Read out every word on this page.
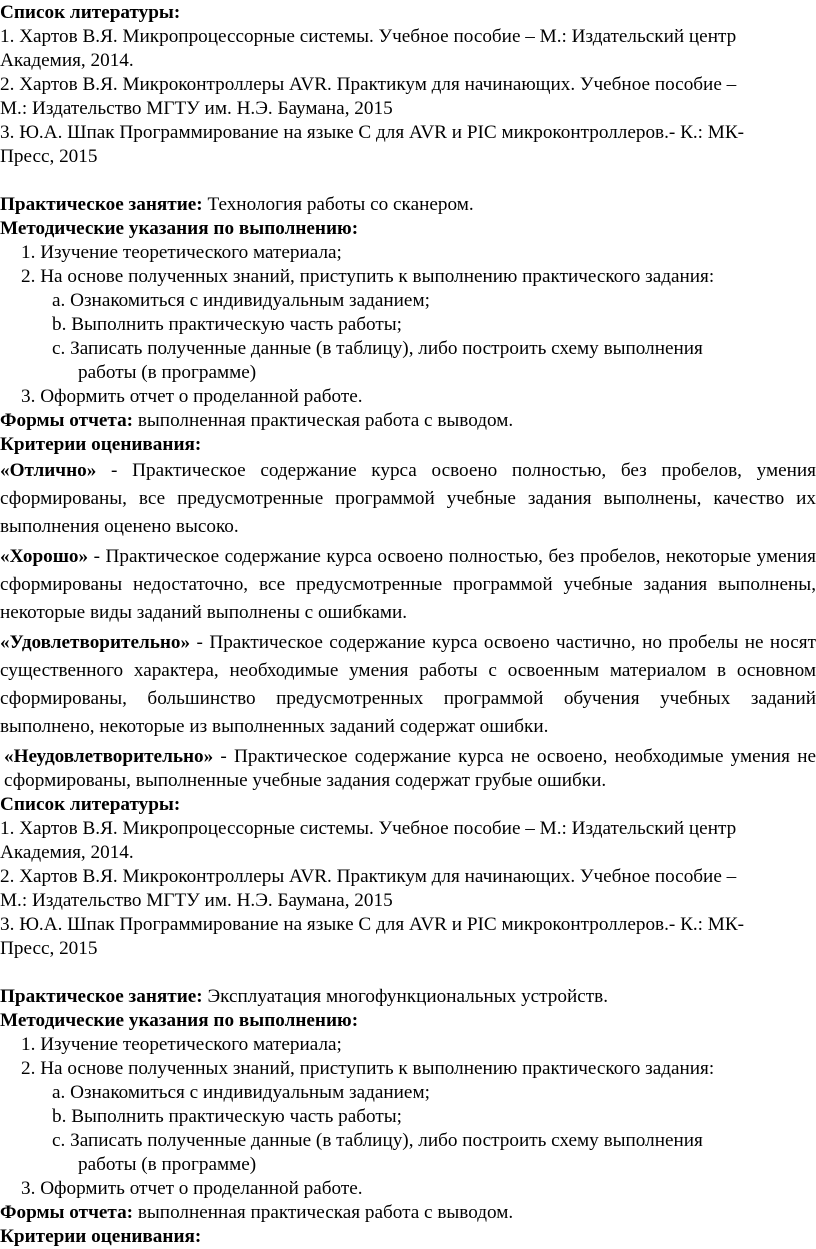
Список литературы:
1. Хартов В.Я. Микропроцессорные системы. Учебное пособие – М.: Издательский центр
Академия, 2014.
2. Хартов В.Я. Микроконтроллеры AVR. Практикум для начинающих. Учебное пособие –
М.: Издательство МГТУ им. Н.Э. Баумана, 2015
3. Ю.А. Шпак Программирование на языке С для AVR и PIC микроконтроллеров.- К.: МК-
Пресс, 2015
Практическое занятие: Технология работы со сканером.
Методические указания по выполнению:
1. Изучение теоретического материала;
2. На основе полученных знаний, приступить к выполнению практического задания:
a. Ознакомиться с индивидуальным заданием;
b. Выполнить практическую часть работы;
c. Записать полученные данные (в таблицу), либо построить схему выполнения
работы (в программе)
3. Оформить отчет о проделанной работе.
Формы отчета: выполненная практическая работа с выводом.
Критерии оценивания:
«Отлично» - Практическое содержание курса освоено полностью, без пробелов, умения сформированы, все предусмотренные программой учебные задания выполнены, качество их выполнения оценено высоко.
«Хорошо» - Практическое содержание курса освоено полностью, без пробелов, некоторые умения сформированы недостаточно, все предусмотренные программой учебные задания выполнены, некоторые виды заданий выполнены с ошибками.
«Удовлетворительно» - Практическое содержание курса освоено частично, но пробелы не носят существенного характера, необходимые умения работы с освоенным материалом в основном сформированы, большинство предусмотренных программой обучения учебных заданий выполнено, некоторые из выполненных заданий содержат ошибки.
«Неудовлетворительно» - Практическое содержание курса не освоено, необходимые умения не сформированы, выполненные учебные задания содержат грубые ошибки.
Список литературы:
1. Хартов В.Я. Микропроцессорные системы. Учебное пособие – М.: Издательский центр
Академия, 2014.
2. Хартов В.Я. Микроконтроллеры AVR. Практикум для начинающих. Учебное пособие –
М.: Издательство МГТУ им. Н.Э. Баумана, 2015
3. Ю.А. Шпак Программирование на языке С для AVR и PIC микроконтроллеров.- К.: МК-
Пресс, 2015
Практическое занятие: Эксплуатация многофункциональных устройств.
Методические указания по выполнению:
1. Изучение теоретического материала;
2. На основе полученных знаний, приступить к выполнению практического задания:
a. Ознакомиться с индивидуальным заданием;
b. Выполнить практическую часть работы;
c. Записать полученные данные (в таблицу), либо построить схему выполнения
работы (в программе)
3. Оформить отчет о проделанной работе.
Формы отчета: выполненная практическая работа с выводом.
Критерии оценивания:
